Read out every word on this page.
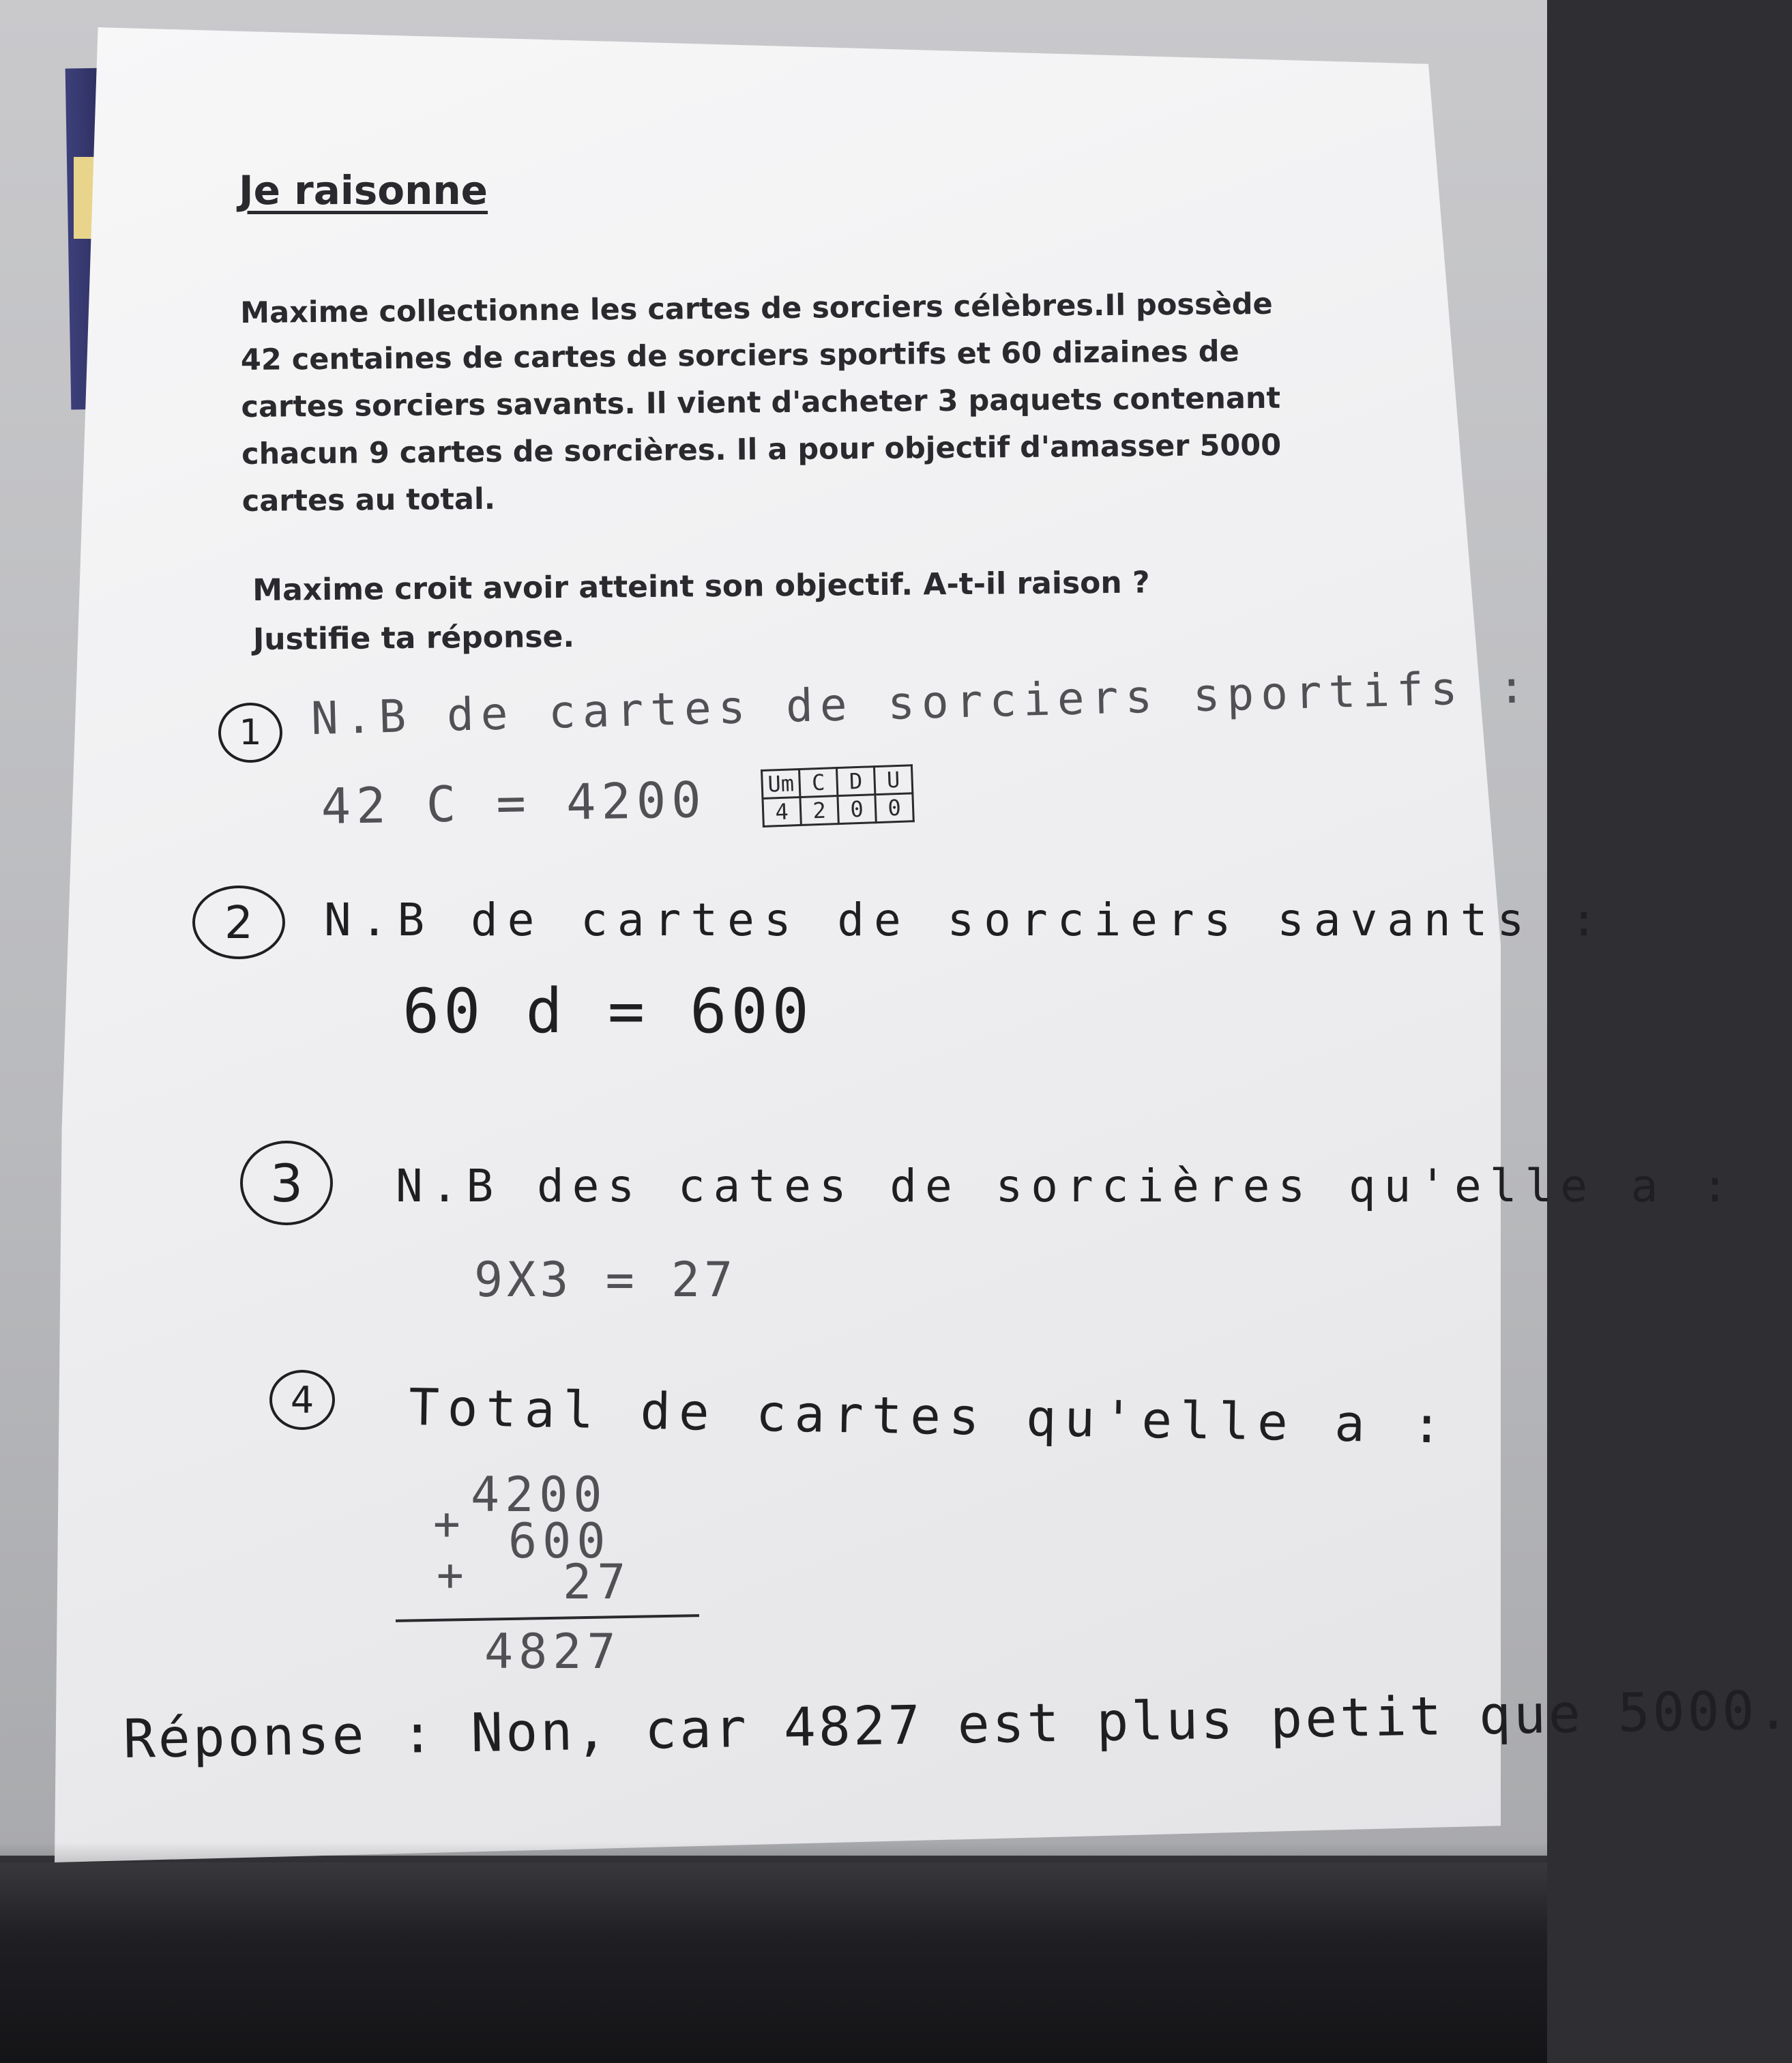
Je raisonne
Maxime collectionne les cartes de sorciers célèbres.Il possède
42 centaines de cartes de sorciers sportifs et 60 dizaines de
cartes sorciers savants. Il vient d'acheter 3 paquets contenant
chacun 9 cartes de sorcières. Il a pour objectif d'amasser 5000
cartes au total.
Maxime croit avoir atteint son objectif. A-t-il raison ?
Justifie ta réponse.
1	N.B de cartes de sorciers sportifs :
42 C = 4200	Um	C	D	U
4	2	0	0
2	N.B de cartes de sorciers savants :
60 d = 600
3	N.B des cates de sorcières qu'elle a :
9X3 = 27
4	Total de cartes qu'elle a :
4200
+ 600
+ 27
4827
Réponse : Non, car 4827 est plus petit que 5000.
